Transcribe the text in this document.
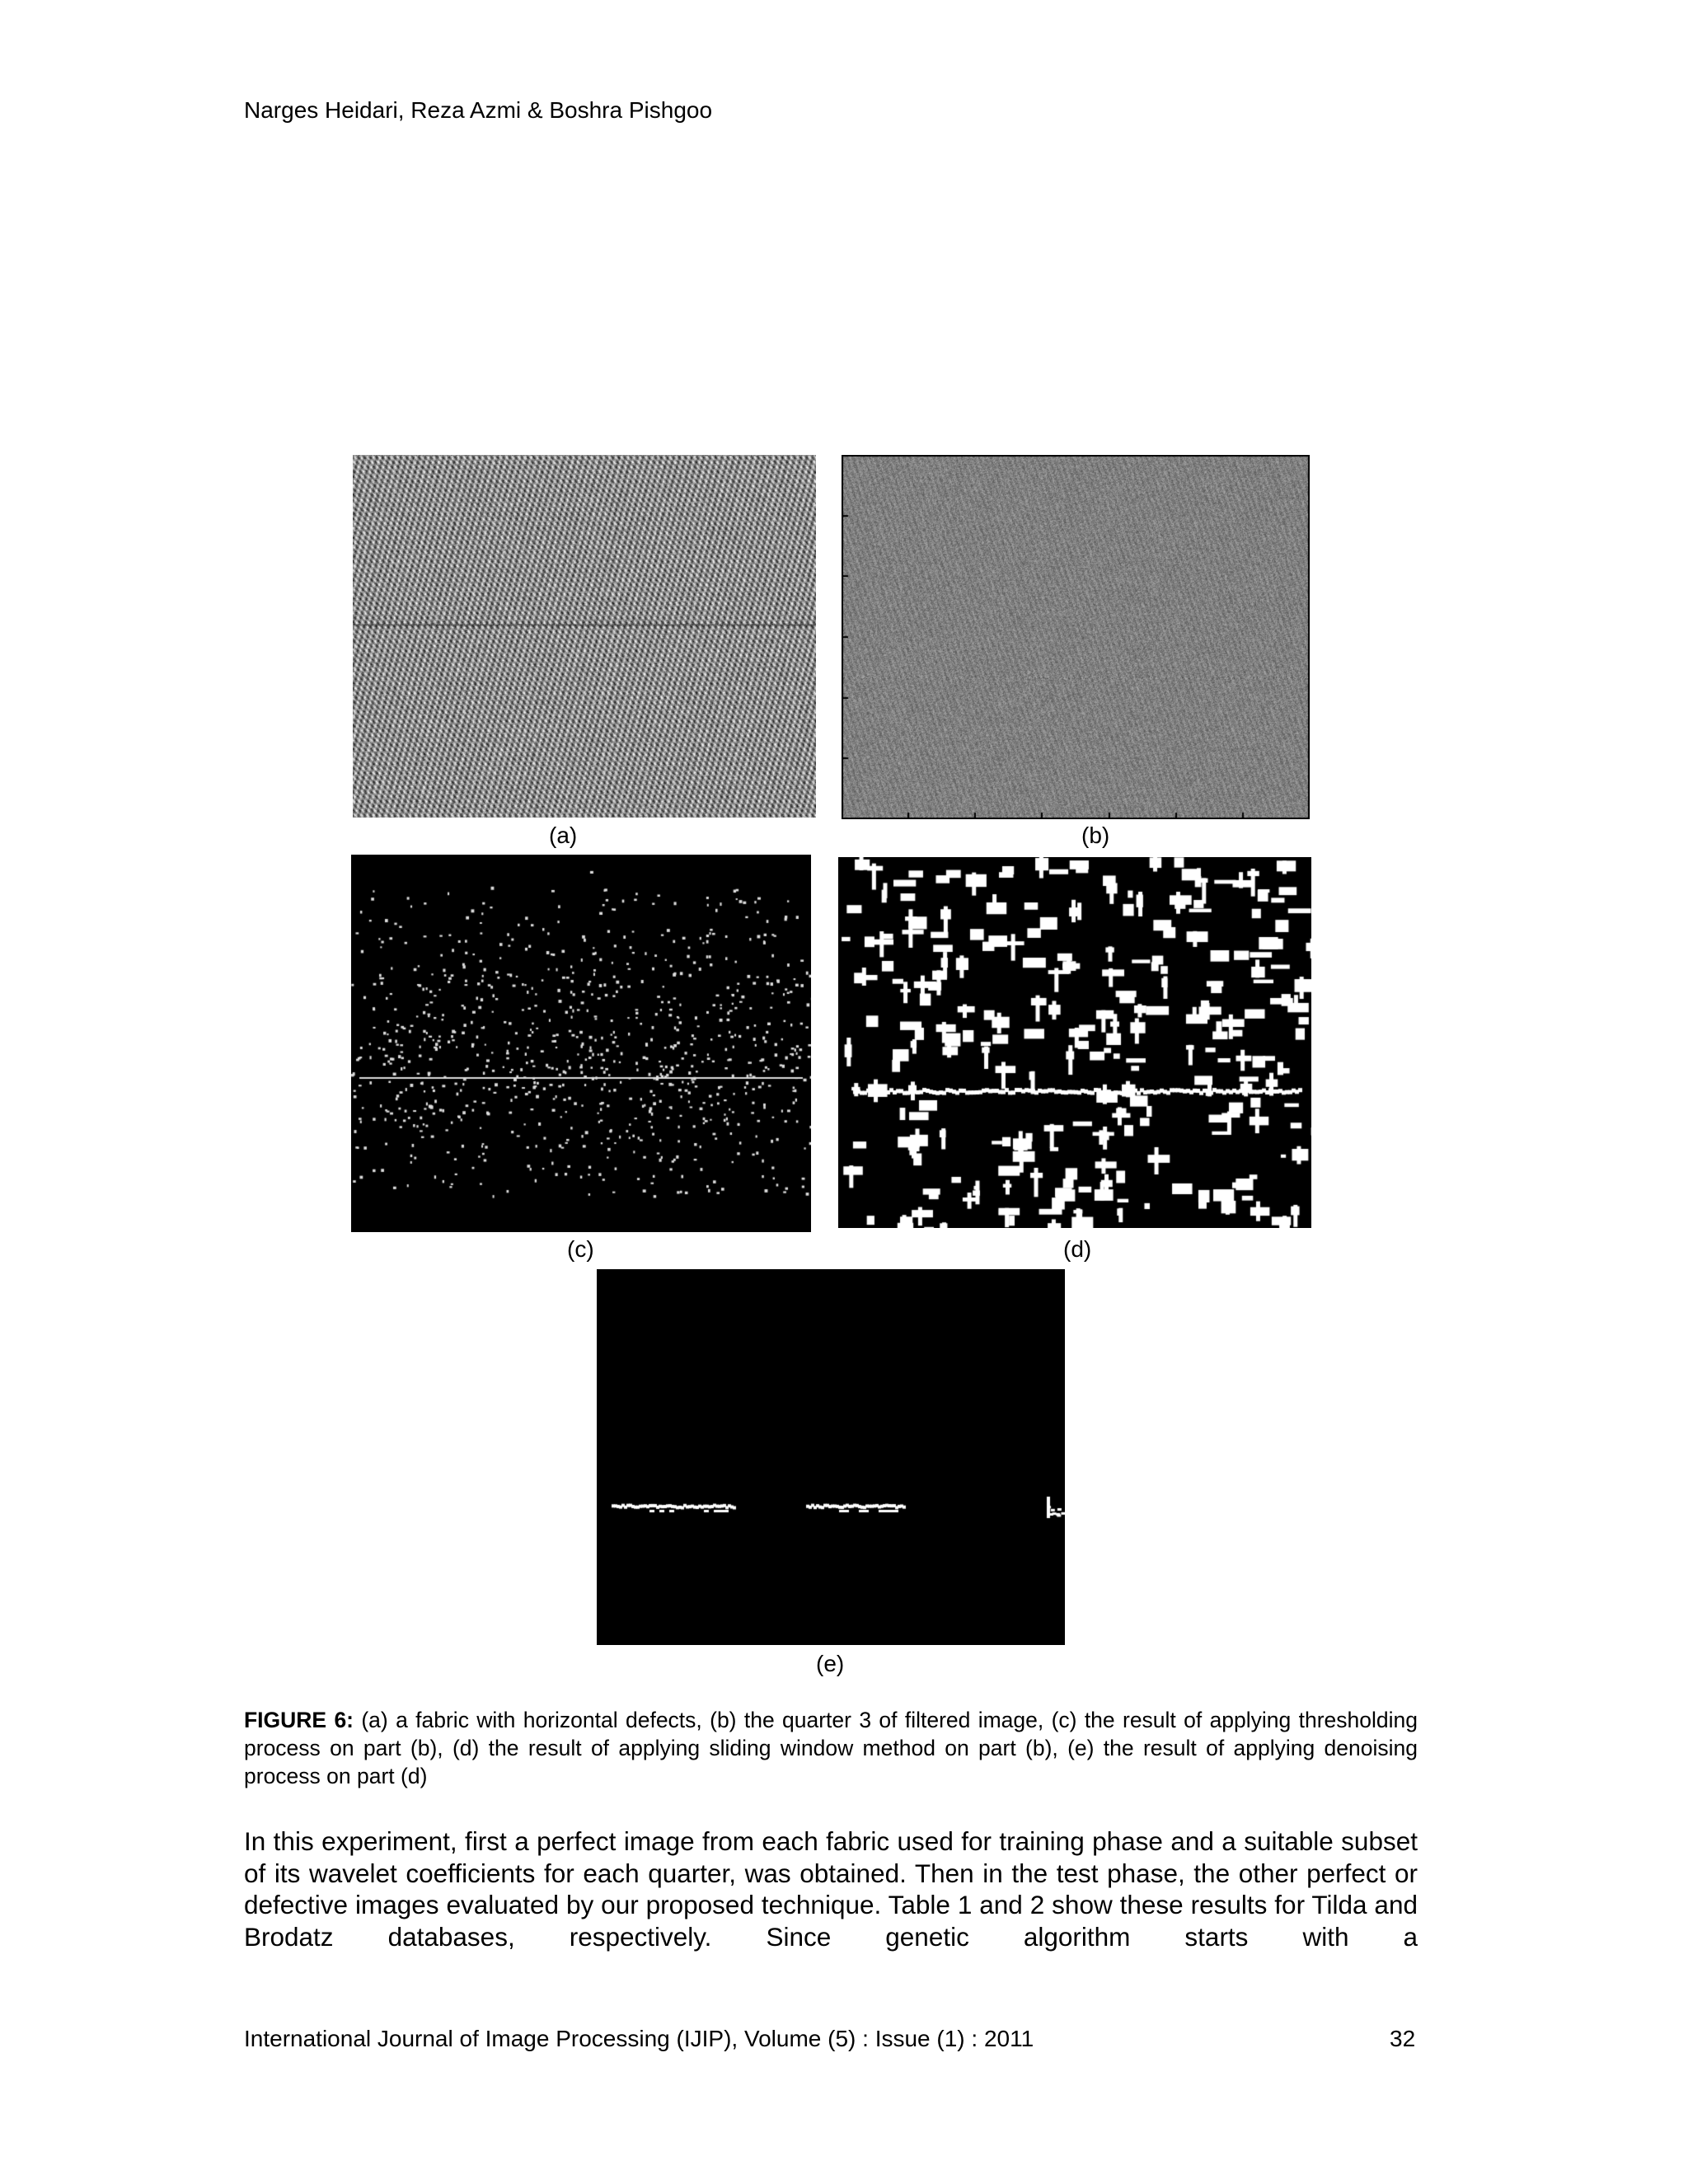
Narges Heidari, Reza Azmi & Boshra Pishgoo
(a)	(b)
(c)	(d)
(e)
FIGURE 6: (a) a fabric with horizontal defects, (b) the quarter 3 of filtered image, (c) the result of applying thresholding process on part (b), (d) the result of applying sliding window method on part (b), (e) the result of applying denoising process on part (d)
In this experiment, first a perfect image from each fabric used for training phase and a suitable subset of its wavelet coefficients for each quarter, was obtained. Then in the test phase, the other perfect or defective images evaluated by our proposed technique. Table 1 and 2 show these results for Tilda and Brodatz databases, respectively. Since genetic algorithm starts with a
International Journal of Image Processing (IJIP), Volume (5) : Issue (1) : 2011	32
